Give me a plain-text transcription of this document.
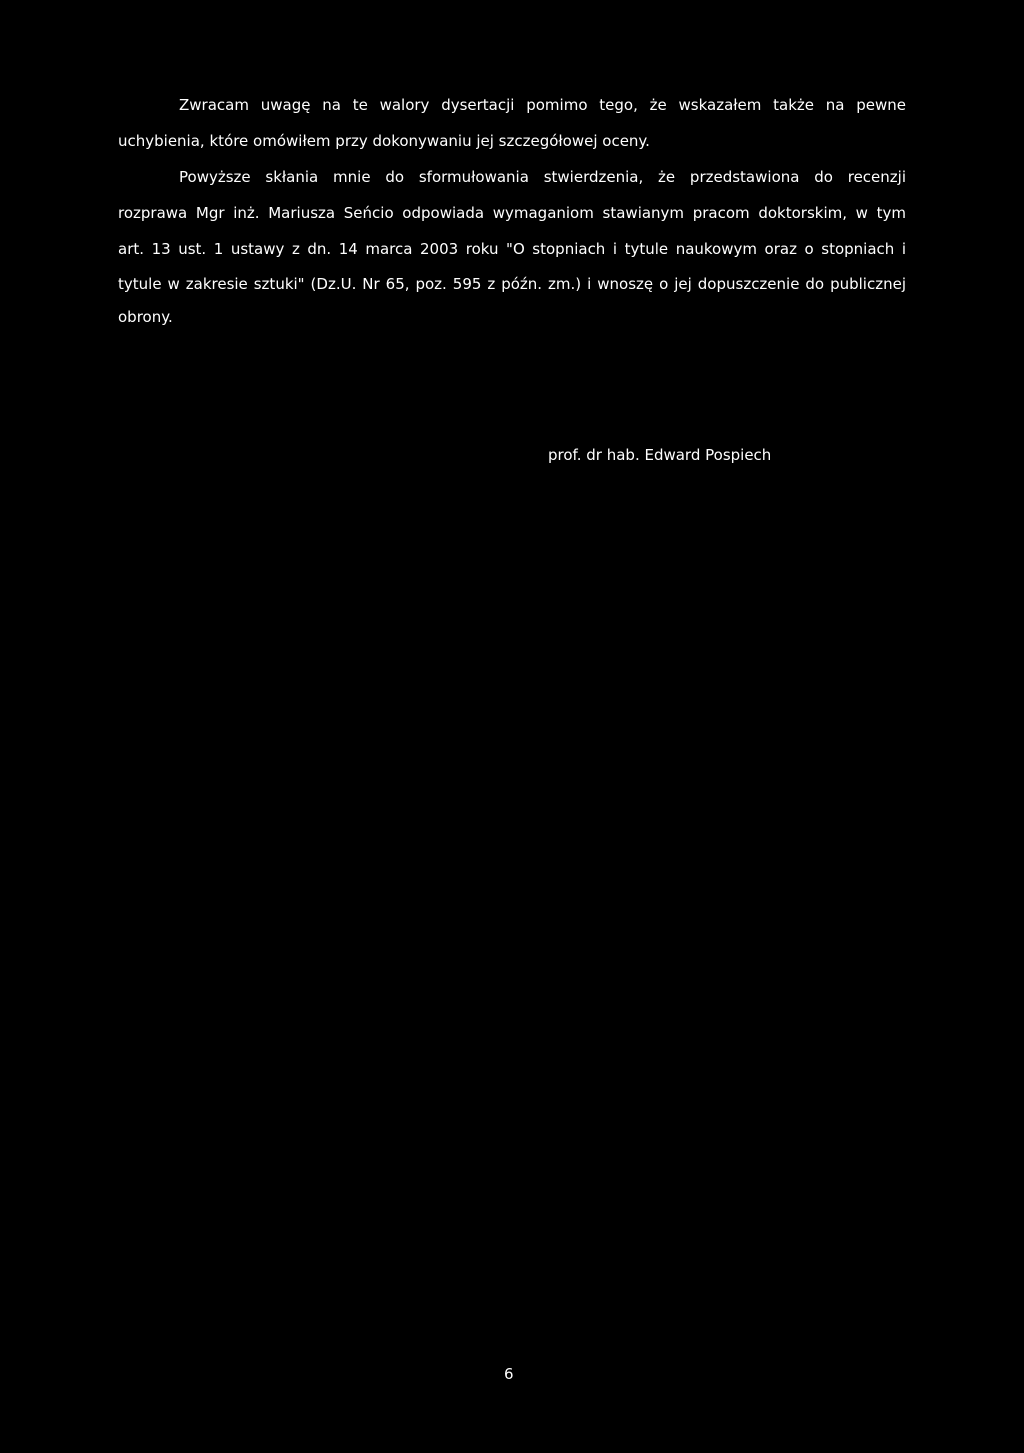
Zwracam uwagę na te walory dysertacji pomimo tego, że wskazałem także na pewne
uchybienia, które omówiłem przy dokonywaniu jej szczegółowej oceny.
Powyższe skłania mnie do sformułowania stwierdzenia, że przedstawiona do recenzji
rozprawa Mgr inż. Mariusza Seńcio odpowiada wymaganiom stawianym pracom doktorskim, w tym
art. 13 ust. 1 ustawy z dn. 14 marca 2003 roku "O stopniach i tytule naukowym oraz o stopniach i
tytule w zakresie sztuki" (Dz.U. Nr 65, poz. 595 z późn. zm.) i wnoszę o jej dopuszczenie do publicznej
obrony.
prof. dr hab. Edward Pospiech
6
